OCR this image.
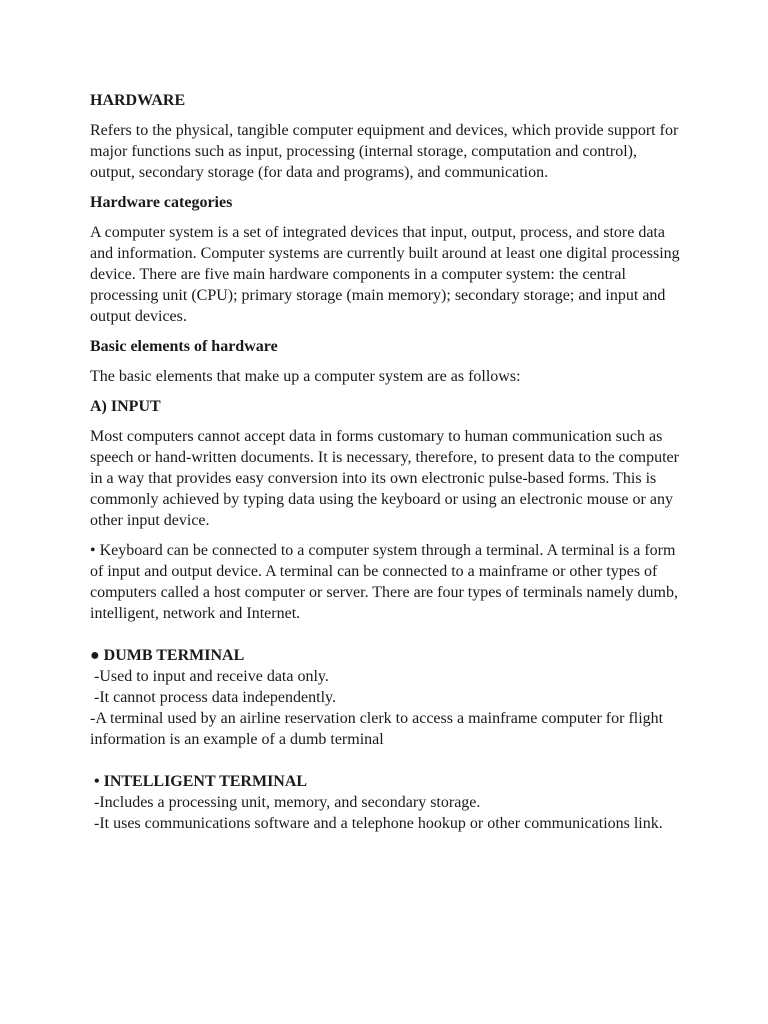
HARDWARE

Refers to the physical, tangible computer equipment and devices, which provide support for major functions such as input, processing (internal storage, computation and control), output, secondary storage (for data and programs), and communication.

Hardware categories

A computer system is a set of integrated devices that input, output, process, and store data and information. Computer systems are currently built around at least one digital processing device. There are five main hardware components in a computer system: the central processing unit (CPU); primary storage (main memory); secondary storage; and input and output devices.

Basic elements of hardware

The basic elements that make up a computer system are as follows:

A) INPUT

Most computers cannot accept data in forms customary to human communication such as speech or hand-written documents. It is necessary, therefore, to present data to the computer in a way that provides easy conversion into its own electronic pulse-based forms. This is commonly achieved by typing data using the keyboard or using an electronic mouse or any other input device.

• Keyboard can be connected to a computer system through a terminal. A terminal is a form of input and output device. A terminal can be connected to a mainframe or other types of computers called a host computer or server. There are four types of terminals namely dumb, intelligent, network and Internet.

● DUMB TERMINAL
-Used to input and receive data only.
-It cannot process data independently.
-A terminal used by an airline reservation clerk to access a mainframe computer for flight information is an example of a dumb terminal
• INTELLIGENT TERMINAL
-Includes a processing unit, memory, and secondary storage.
-It uses communications software and a telephone hookup or other communications link.
